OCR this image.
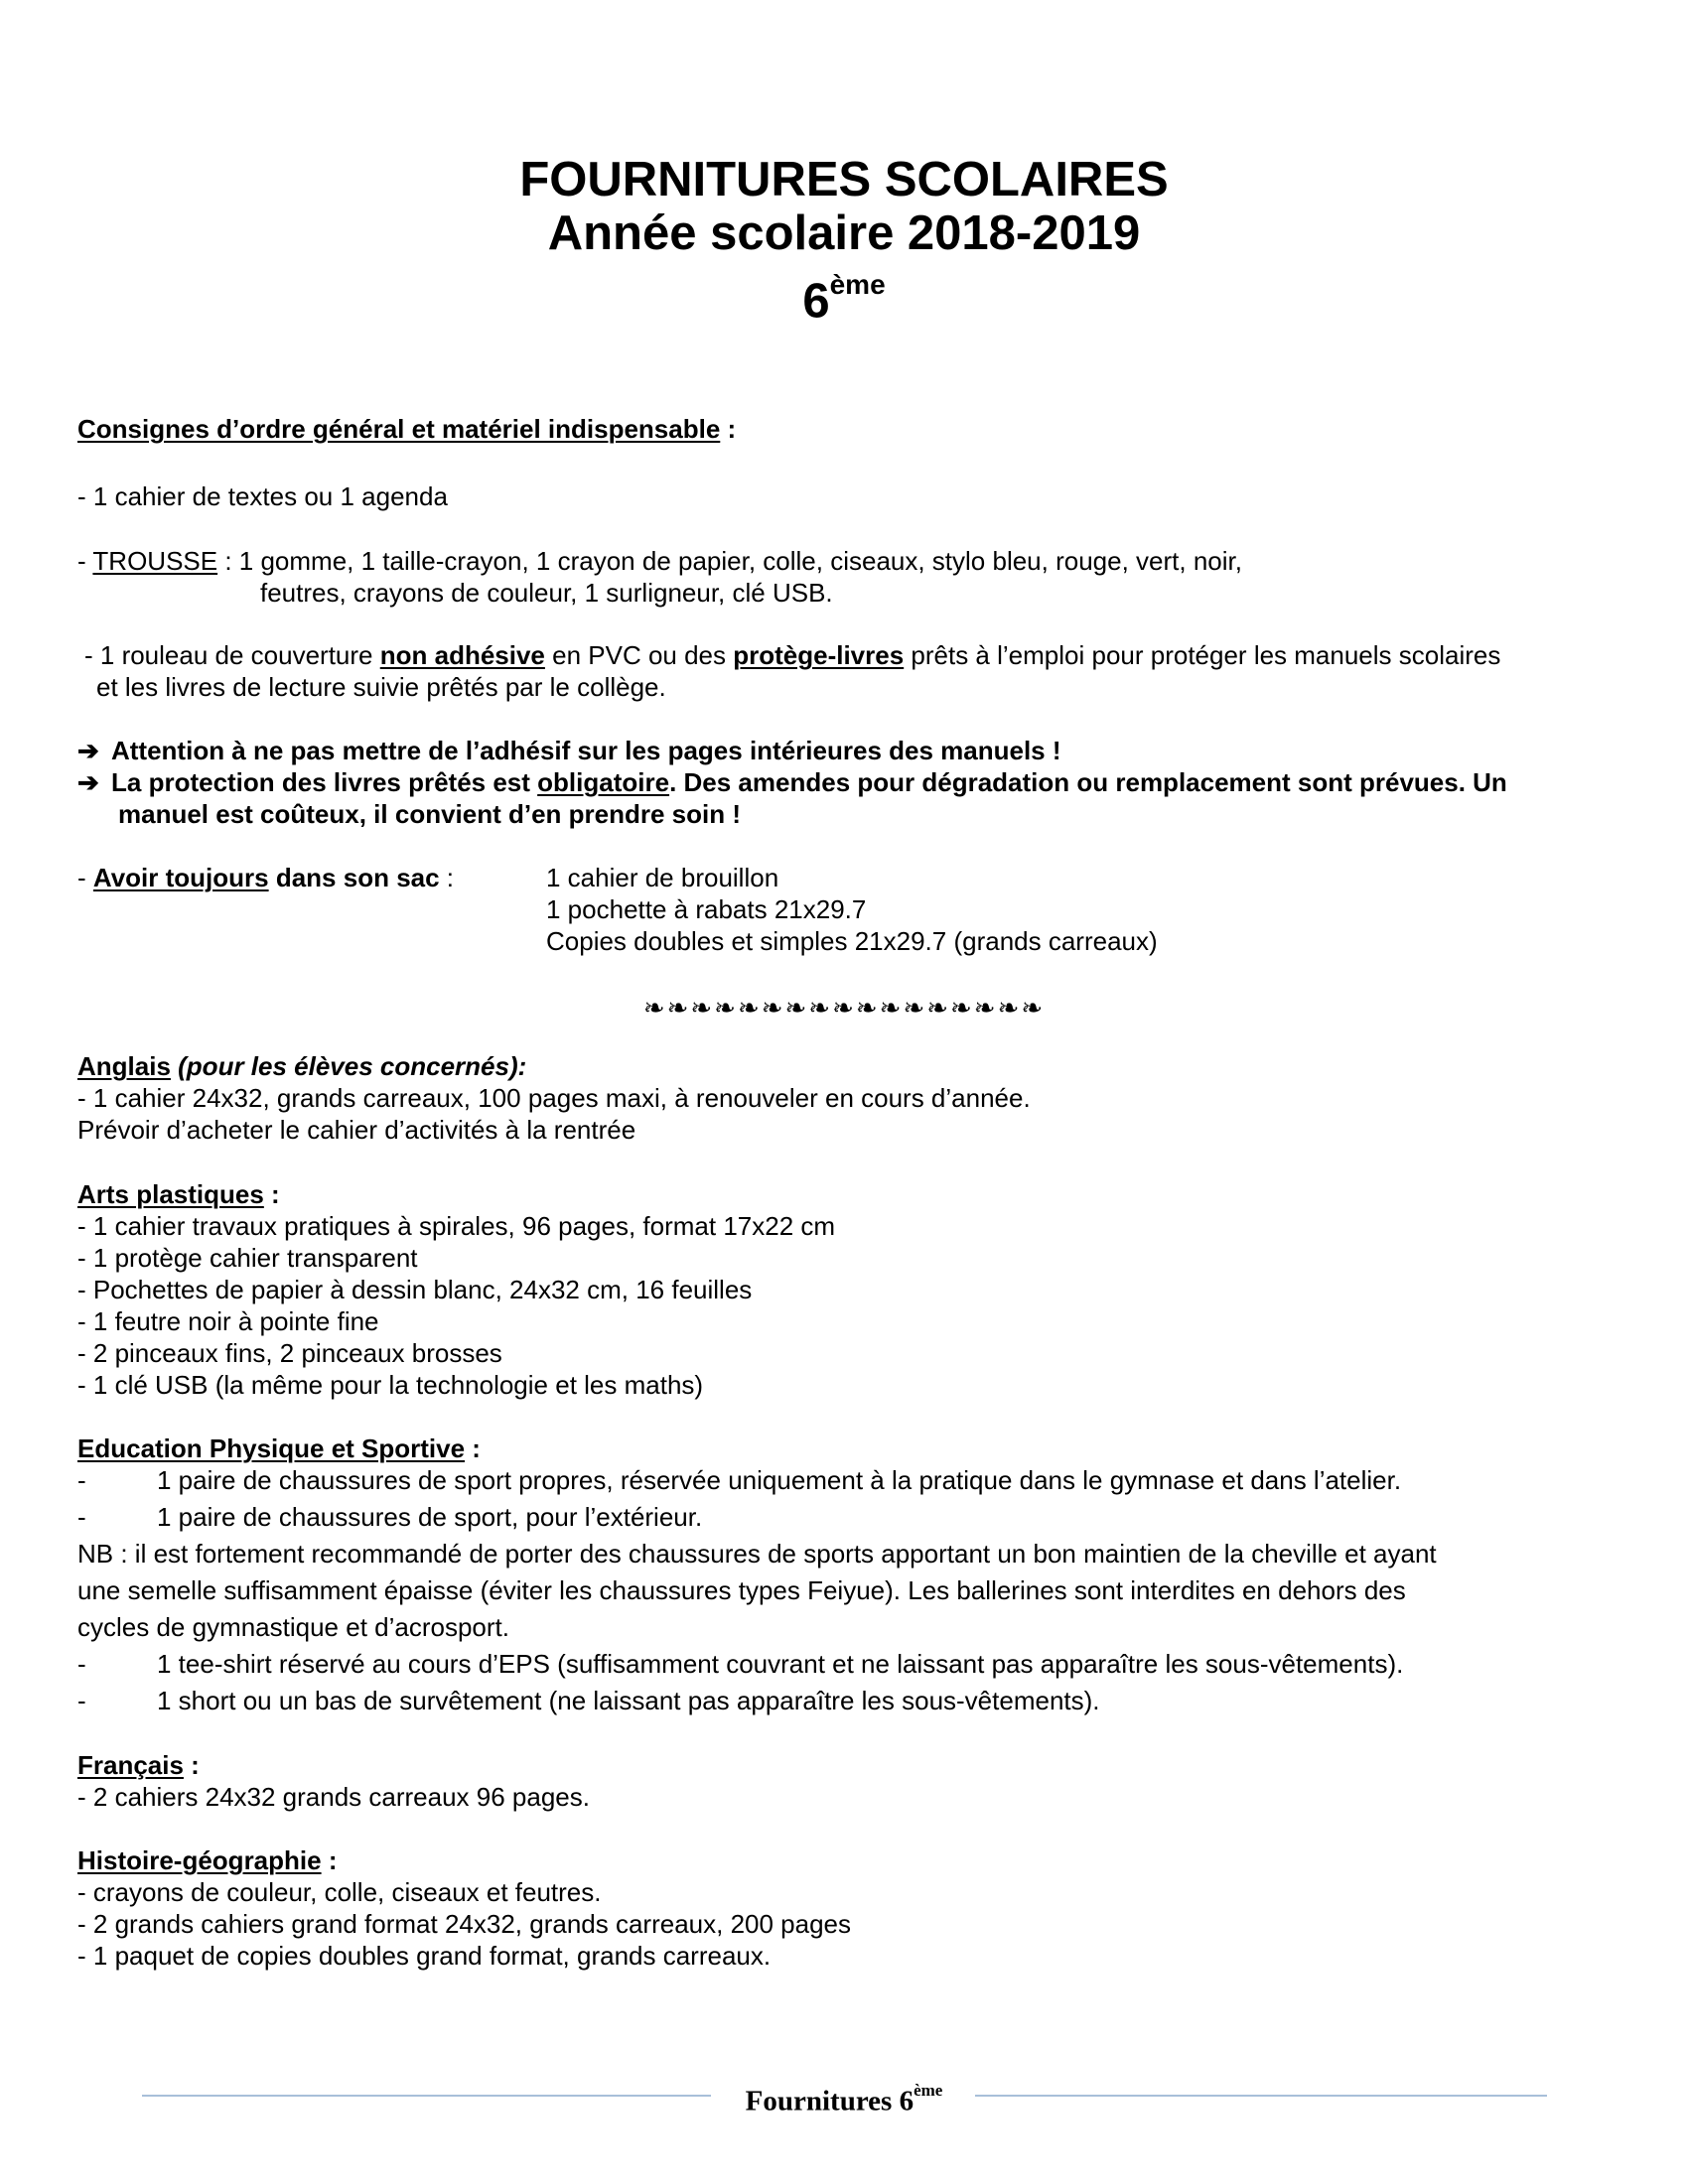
FOURNITURES SCOLAIRES
Année scolaire 2018-2019
6ème
Consignes d’ordre général et matériel indispensable :
- 1 cahier de textes ou 1 agenda
- TROUSSE : 1 gomme, 1 taille-crayon, 1 crayon de papier, colle, ciseaux, stylo bleu, rouge, vert, noir,
feutres, crayons de couleur, 1 surligneur, clé USB.
- 1 rouleau de couverture non adhésive en PVC ou des protège-livres prêts à l’emploi pour protéger les manuels scolaires
et les livres de lecture suivie prêtés par le collège.
➔ Attention à ne pas mettre de l’adhésif sur les pages intérieures des manuels !
➔ La protection des livres prêtés est obligatoire. Des amendes pour dégradation ou remplacement sont prévues. Un
manuel est coûteux, il convient d’en prendre soin !
- Avoir toujours dans son sac :	1 cahier de brouillon
1 pochette à rabats 21x29.7
Copies doubles et simples 21x29.7 (grands carreaux)
❧❧❧❧❧❧❧❧❧❧❧❧❧❧❧❧❧
Anglais (pour les élèves concernés):
- 1 cahier 24x32, grands carreaux, 100 pages maxi, à renouveler en cours d’année.
Prévoir d’acheter le cahier d’activités à la rentrée
Arts plastiques :
- 1 cahier travaux pratiques à spirales, 96 pages, format 17x22 cm
- 1 protège cahier transparent
- Pochettes de papier à dessin blanc, 24x32 cm, 16 feuilles
- 1 feutre noir à pointe fine
- 2 pinceaux fins, 2 pinceaux brosses
- 1 clé USB (la même pour la technologie et les maths)
Education Physique et Sportive :
-	1 paire de chaussures de sport propres, réservée uniquement à la pratique dans le gymnase et dans l’atelier.
-	1 paire de chaussures de sport, pour l’extérieur.
NB : il est fortement recommandé de porter des chaussures de sports apportant un bon maintien de la cheville et ayant
une semelle suffisamment épaisse (éviter les chaussures types Feiyue). Les ballerines sont interdites en dehors des
cycles de gymnastique et d’acrosport.
-	1 tee-shirt réservé au cours d’EPS (suffisamment couvrant et ne laissant pas apparaître les sous-vêtements).
-	1 short ou un bas de survêtement (ne laissant pas apparaître les sous-vêtements).
Français :
- 2 cahiers 24x32 grands carreaux 96 pages.
Histoire-géographie :
- crayons de couleur, colle, ciseaux et feutres.
- 2 grands cahiers grand format 24x32, grands carreaux, 200 pages
- 1 paquet de copies doubles grand format, grands carreaux.
Fournitures 6ème
